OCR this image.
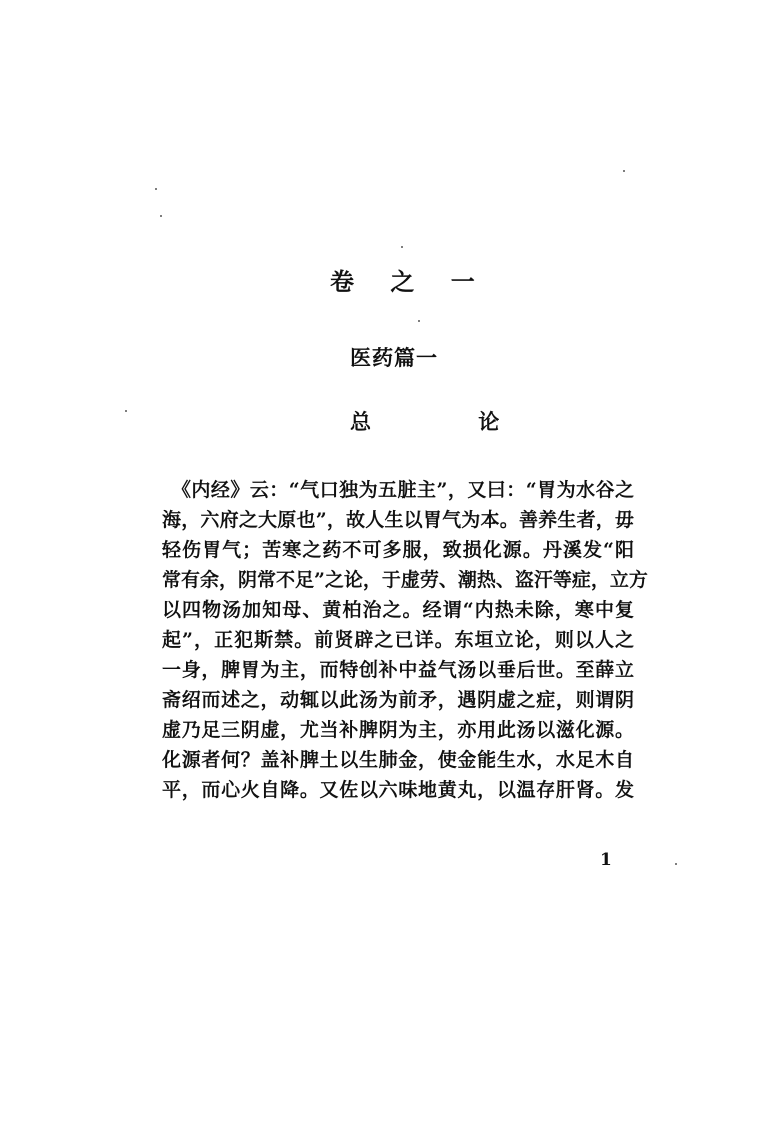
卷 之 一
医药篇一
总 论
　《内经》云：“气口独为五脏主”，又曰：“胃为水谷之
海，六府之大原也”，故人生以胃气为本。善养生者，毋
轻伤胃气；苦寒之药不可多服，致损化源。丹溪发“阳
常有余，阴常不足”之论，于虚劳、潮热、盗汗等症，立方
以四物汤加知母、黄柏治之。经谓“内热未除，寒中复
起”，正犯斯禁。前贤辟之已详。东垣立论，则以人之
一身，脾胃为主，而特创补中益气汤以垂后世。至薛立
斋绍而述之，动辄以此汤为前矛，遇阴虚之症，则谓阴
虚乃足三阴虚，尤当补脾阴为主，亦用此汤以滋化源。
化源者何？盖补脾土以生肺金，使金能生水，水足木自
平，而心火自降。又佐以六味地黄丸，以温存肝肾。发
1
